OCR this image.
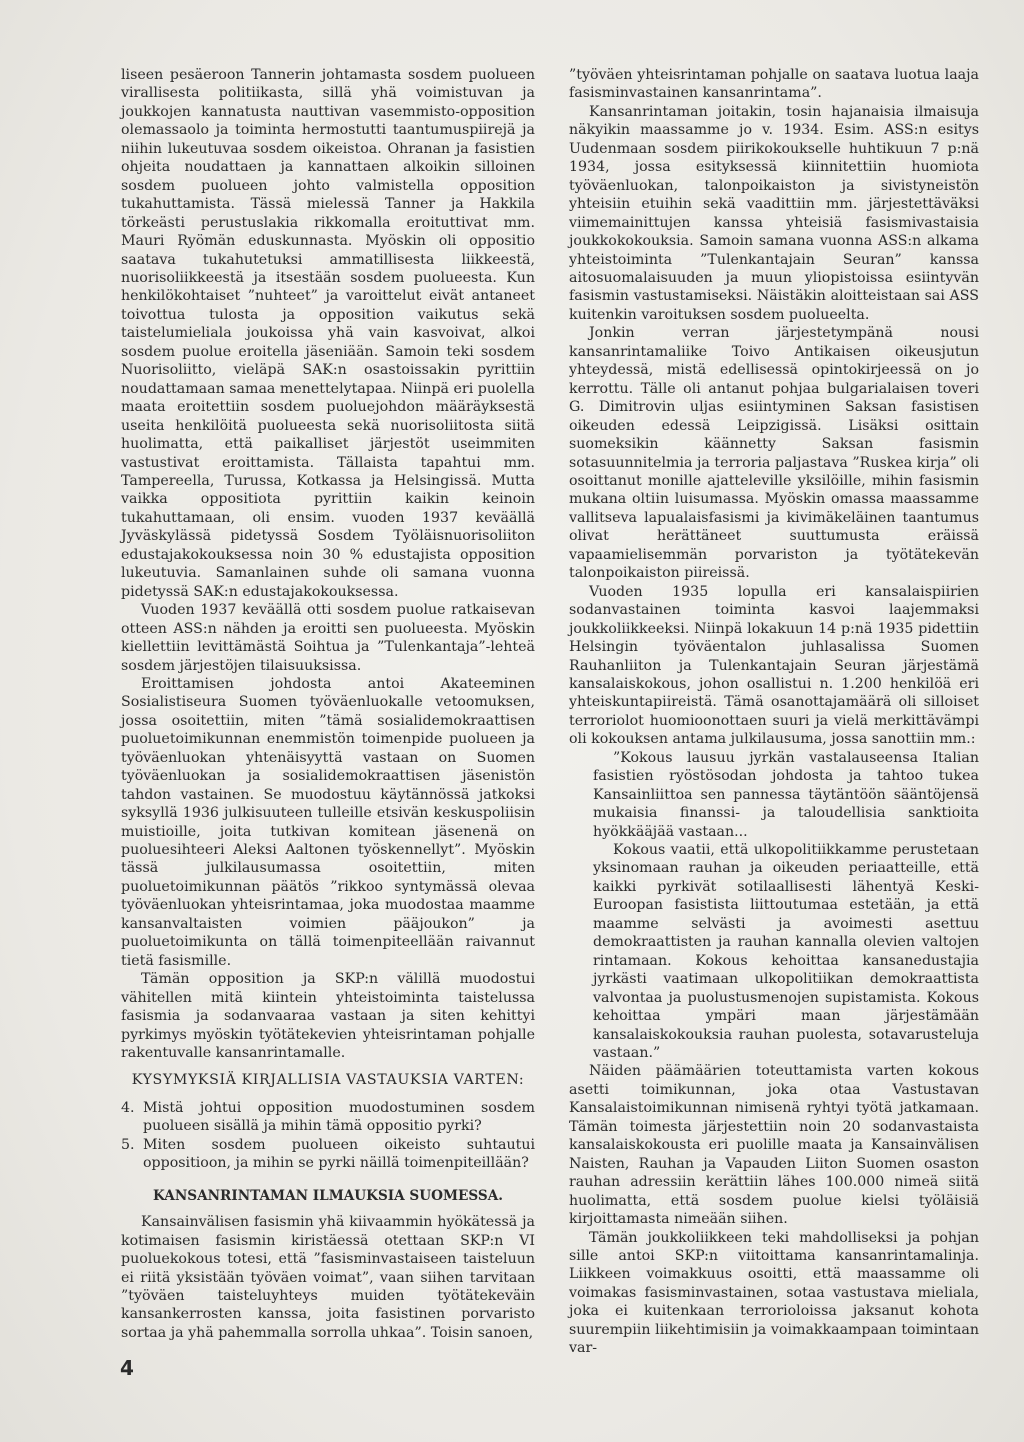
liseen pesäeroon Tannerin johtamasta sosdem puolueen virallisesta politiikasta, sillä yhä voimistuvan ja joukkojen kannatusta nauttivan vasemmisto-opposition olemassaolo ja toiminta hermostutti taantumuspiirejä ja niihin lukeutuvaa sosdem oikeistoa. Ohranan ja fasistien ohjeita noudattaen ja kannattaen alkoikin silloinen sosdem puolueen johto valmistella opposition tukahuttamista. Tässä mielessä Tanner ja Hakkila törkeästi perustuslakia rikkomalla eroituttivat mm. Mauri Ryömän eduskunnasta. Myöskin oli oppositio saatava tukahutetuksi ammatillisesta liikkeestä, nuorisoliikkeestä ja itsestään sosdem puolueesta. Kun henkilökohtaiset ”nuhteet” ja varoittelut eivät antaneet toivottua tulosta ja opposition vaikutus sekä taistelumieliala joukoissa yhä vain kasvoivat, alkoi sosdem puolue eroitella jäseniään. Samoin teki sosdem Nuorisoliitto, vieläpä SAK:n osastoissakin pyrittiin noudattamaan samaa menettelytapaa. Niinpä eri puolella maata eroitettiin sosdem puoluejohdon määräyksestä useita henkilöitä puolueesta sekä nuorisoliitosta siitä huolimatta, että paikalliset järjestöt useimmiten vastustivat eroittamista. Tällaista tapahtui mm. Tampereella, Turussa, Kotkassa ja Helsingissä. Mutta vaikka oppositiota pyrittiin kaikin keinoin tukahuttamaan, oli ensim. vuoden 1937 keväällä Jyväskylässä pidetyssä Sosdem Työläisnuorisoliiton edustajakokouksessa noin 30 % edustajista opposition lukeutuvia. Samanlainen suhde oli samana vuonna pidetyssä SAK:n edustajakokouksessa.

Vuoden 1937 keväällä otti sosdem puolue ratkaisevan otteen ASS:n nähden ja eroitti sen puolueesta. Myöskin kiellettiin levittämästä Soihtua ja ”Tulenkantaja”-lehteä sosdem järjestöjen tilaisuuksissa.

Eroittamisen johdosta antoi Akateeminen Sosialistiseura Suomen työväenluokalle vetoomuksen, jossa osoitettiin, miten ”tämä sosialidemokraattisen puoluetoimikunnan enemmistön toimenpide puolueen ja työväenluokan yhtenäisyyttä vastaan on Suomen työväenluokan ja sosialidemokraattisen jäsenistön tahdon vastainen. Se muodostuu käytännössä jatkoksi syksyllä 1936 julkisuuteen tulleille etsivän keskuspoliisin muistioille, joita tutkivan komitean jäsenenä on puoluesihteeri Aleksi Aaltonen työskennellyt”. Myöskin tässä julkilausumassa osoitettiin, miten puoluetoimikunnan päätös ”rikkoo syntymässä olevaa työväenluokan yhteisrintamaa, joka muodostaa maamme kansanvaltaisten voimien pääjoukon” ja puoluetoimikunta on tällä toimenpiteellään raivannut tietä fasismille.

Tämän opposition ja SKP:n välillä muodostui vähitellen mitä kiintein yhteistoiminta taistelussa fasismia ja sodanvaaraa vastaan ja siten kehittyi pyrkimys myöskin työtätekevien yhteisrintaman pohjalle rakentuvalle kansanrintamalle.

KYSYMYKSIÄ KIRJALLISIA VASTAUKSIA VARTEN:

4. Mistä johtui opposition muodostuminen sosdem puolueen sisällä ja mihin tämä oppositio pyrki?
5. Miten sosdem puolueen oikeisto suhtautui oppositioon, ja mihin se pyrki näillä toimenpiteillään?

KANSANRINTAMAN ILMAUKSIA SUOMESSA.

Kansainvälisen fasismin yhä kiivaammin hyökätessä ja kotimaisen fasismin kiristäessä otettaan SKP:n VI puoluekokous totesi, että ”fasisminvastaiseen taisteluun ei riitä yksistään työväen voimat”, vaan siihen tarvitaan ”työväen taisteluyhteys muiden työtätekeväin kansankerrosten kanssa, joita fasistinen porvaristo sortaa ja yhä pahemmalla sorrolla uhkaa”. Toisin sanoen,

”työväen yhteisrintaman pohjalle on saatava luotua laaja fasisminvastainen kansanrintama”.

Kansanrintaman joitakin, tosin hajanaisia ilmaisuja näkyikin maassamme jo v. 1934. Esim. ASS:n esitys Uudenmaan sosdem piirikokoukselle huhtikuun 7 p:nä 1934, jossa esityksessä kiinnitettiin huomiota työväenluokan, talonpoikaiston ja sivistyneistön yhteisiin etuihin sekä vaadittiin mm. järjestettäväksi viimemainittujen kanssa yhteisiä fasismivastaisia joukkokokouksia. Samoin samana vuonna ASS:n alkama yhteistoiminta ”Tulenkantajain Seuran” kanssa aitosuomalaisuuden ja muun yliopistoissa esiintyvän fasismin vastustamiseksi. Näistäkin aloitteistaan sai ASS kuitenkin varoituksen sosdem puolueelta.

Jonkin verran järjestetympänä nousi kansanrintamaliike Toivo Antikaisen oikeusjutun yhteydessä, mistä edellisessä opintokirjeessä on jo kerrottu. Tälle oli antanut pohjaa bulgarialaisen toveri G. Dimitrovin uljas esiintyminen Saksan fasistisen oikeuden edessä Leipzigissä. Lisäksi osittain suomeksikin käännetty Saksan fasismin sotasuunnitelmia ja terroria paljastava ”Ruskea kirja” oli osoittanut monille ajatteleville yksilöille, mihin fasismin mukana oltiin luisumassa. Myöskin omassa maassamme vallitseva lapualaisfasismi ja kivimäkeläinen taantumus olivat herättäneet suuttumusta eräissä vapaamielisemmän porvariston ja työtätekevän talonpoikaiston piireissä.

Vuoden 1935 lopulla eri kansalaispiirien sodanvastainen toiminta kasvoi laajemmaksi joukkoliikkeeksi. Niinpä lokakuun 14 p:nä 1935 pidettiin Helsingin työväentalon juhlasalissa Suomen Rauhanliiton ja Tulenkantajain Seuran järjestämä kansalaiskokous, johon osallistui n. 1.200 henkilöä eri yhteiskuntapiireistä. Tämä osanottajamäärä oli silloiset terroriolot huomioonottaen suuri ja vielä merkittävämpi oli kokouksen antama julkilausuma, jossa sanottiin mm.:

”Kokous lausuu jyrkän vastalauseensa Italian fasistien ryöstösodan johdosta ja tahtoo tukea Kansainliittoa sen pannessa täytäntöön sääntöjensä mukaisia finanssi- ja taloudellisia sanktioita hyökkääjää vastaan...

Kokous vaatii, että ulkopolitiikkamme perustetaan yksinomaan rauhan ja oikeuden periaatteille, että kaikki pyrkivät sotilaallisesti lähentyä Keski-Euroopan fasistista liittoutumaa estetään, ja että maamme selvästi ja avoimesti asettuu demokraattisten ja rauhan kannalla olevien valtojen rintamaan. Kokous kehoittaa kansanedustajia jyrkästi vaatimaan ulkopolitiikan demokraattista valvontaa ja puolustusmenojen supistamista. Kokous kehoittaa ympäri maan järjestämään kansalaiskokouksia rauhan puolesta, sotavarusteluja vastaan.”

Näiden päämäärien toteuttamista varten kokous asetti toimikunnan, joka otaa Vastustavan Kansalaistoimikunnan nimisenä ryhtyi työtä jatkamaan. Tämän toimesta järjestettiin noin 20 sodanvastaista kansalaiskokousta eri puolille maata ja Kansainvälisen Naisten, Rauhan ja Vapauden Liiton Suomen osaston rauhan adressiin kerättiin lähes 100.000 nimeä siitä huolimatta, että sosdem puolue kielsi työläisiä kirjoittamasta nimeään siihen.

Tämän joukkoliikkeen teki mahdolliseksi ja pohjan sille antoi SKP:n viitoittama kansanrintamalinja. Liikkeen voimakkuus osoitti, että maassamme oli voimakas fasisminvastainen, sotaa vastustava mieliala, joka ei kuitenkaan terrorioloissa jaksanut kohota suurempiin liikehtimisiin ja voimakkaampaan toimintaan var-

4
